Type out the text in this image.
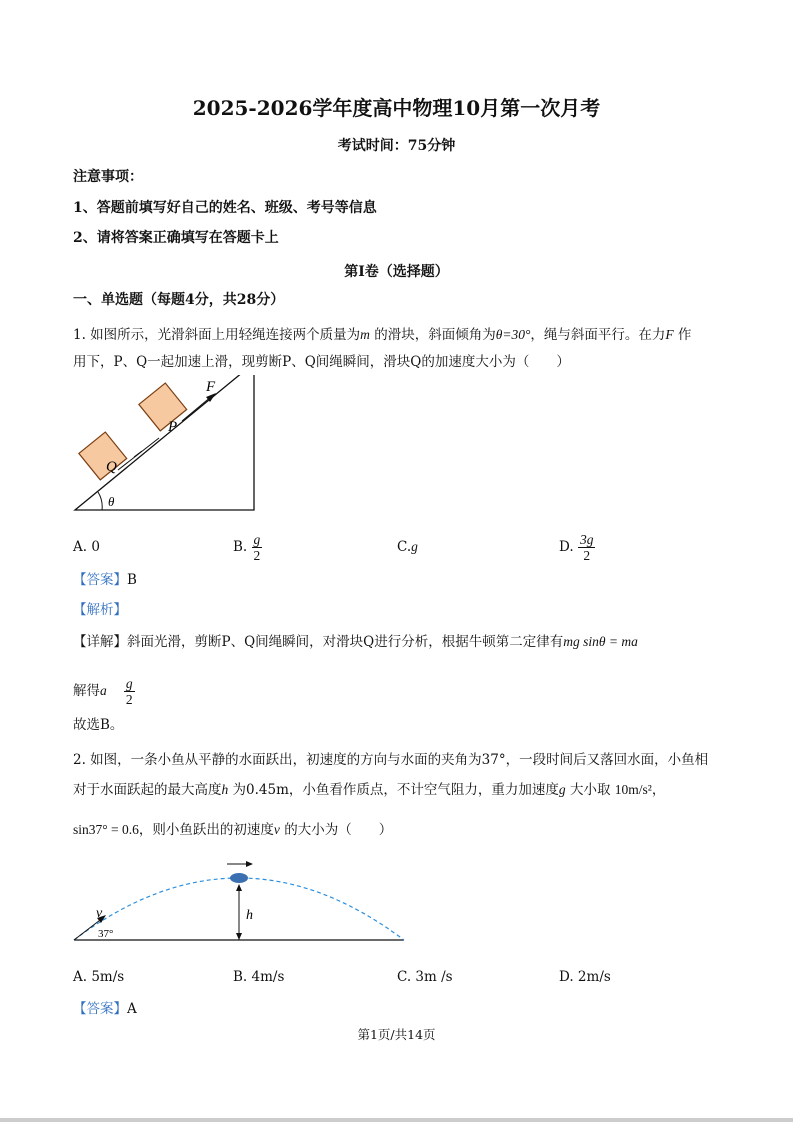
2025-2026学年度高中物理10月第一次月考
考试时间：75分钟
注意事项：
1、答题前填写好自己的姓名、班级、考号等信息
2、请将答案正确填写在答题卡上
第I卷（选择题）
一、单选题（每题4分，共28分）
1. 如图所示，光滑斜面上用轻绳连接两个质量为m 的滑块，斜面倾角为θ=30°，绳与斜面平行。在力F 作
用下，P、Q一起加速上滑，现剪断P、Q间绳瞬间，滑块Q的加速度大小为（　　）
Q
P
F
θ
A. 0	B. $\frac{g}{2}$	C.g	D. $\frac{3g}{2}$
【答案】B
【解析】
【详解】斜面光滑，剪断P、Q间绳瞬间，对滑块Q进行分析，根据牛顿第二定律有mg sinθ = ma
解得a $\frac{g}{2}$
故选B。
2. 如图，一条小鱼从平静的水面跃出，初速度的方向与水面的夹角为37°，一段时间后又落回水面，小鱼相
对于水面跃起的最大高度h 为0.45m，小鱼看作质点，不计空气阻力，重力加速度g 大小取 10m/s²，
sin37° = 0.6，则小鱼跃出的初速度v 的大小为（　　）
v
37°
h
A. 5m/s	B. 4m/s	C. 3m /s	D. 2m/s
【答案】A
第1页/共14页
